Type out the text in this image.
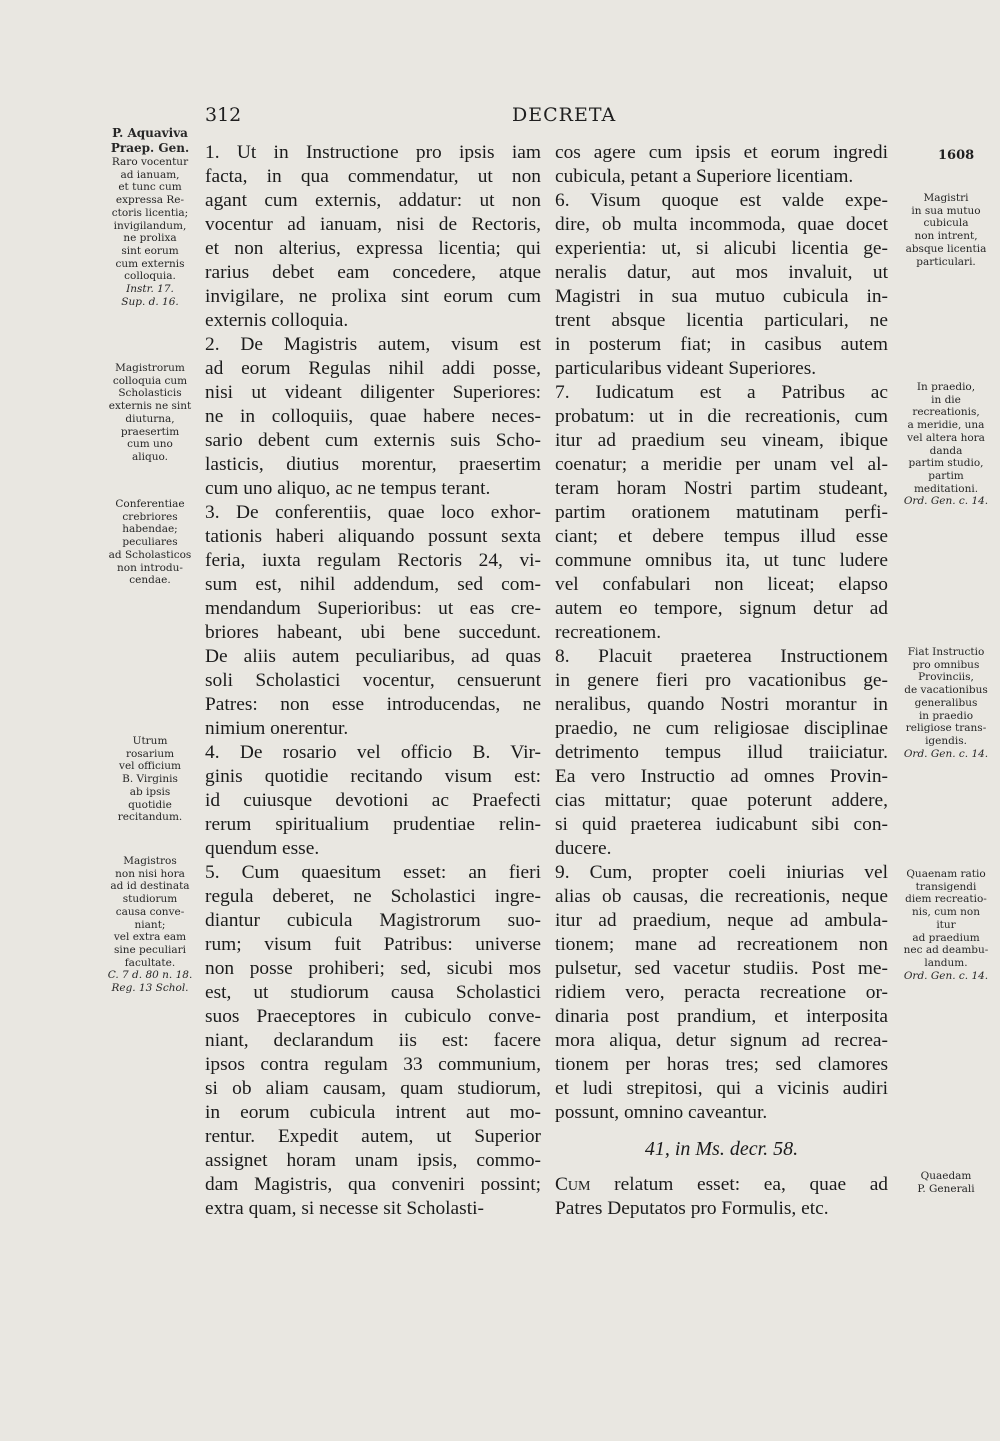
312	DECRETA
1608
P. Aquaviva
Praep. Gen.
Raro vocentur
ad ianuam,
et tunc cum
expressa Re-
ctoris licentia;
invigilandum,
ne prolixa
sint eorum
cum externis
colloquia.
Instr. 17.
Sup. d. 16.
Magistrorum
colloquia cum
Scholasticis
externis ne sint
diuturna,
praesertim
cum uno
aliquo.
Conferentiae
crebriores
habendae;
peculiares
ad Scholasticos
non introdu-
cendae.
Utrum
rosarium
vel officium
B. Virginis
ab ipsis
quotidie
recitandum.
Magistros
non nisi hora
ad id destinata
studiorum
causa conve-
niant;
vel extra eam
sine peculiari
facultate.
C. 7 d. 80 n. 18.
Reg. 13 Schol.
Magistri
in sua mutuo
cubicula
non intrent,
absque licentia
particulari.
In praedio,
in die
recreationis,
a meridie, una
vel altera hora
danda
partim studio,
partim
meditationi.
Ord. Gen. c. 14.
Fiat Instructio
pro omnibus
Provinciis,
de vacationibus
generalibus
in praedio
religiose trans-
igendis.
Ord. Gen. c. 14.
Quaenam ratio
transigendi
diem recreatio-
nis, cum non
itur
ad praedium
nec ad deambu-
landum.
Ord. Gen. c. 14.
Quaedam
P. Generali
1. Ut in Instructione pro ipsis iam
facta, in qua commendatur, ut non
agant cum externis, addatur: ut non
vocentur ad ianuam, nisi de Rectoris,
et non alterius, expressa licentia; qui
rarius debet eam concedere, atque
invigilare, ne prolixa sint eorum cum
externis colloquia.
2. De Magistris autem, visum est
ad eorum Regulas nihil addi posse,
nisi ut videant diligenter Superiores:
ne in colloquiis, quae habere neces-
sario debent cum externis suis Scho-
lasticis, diutius morentur, praesertim
cum uno aliquo, ac ne tempus terant.
3. De conferentiis, quae loco exhor-
tationis haberi aliquando possunt sexta
feria, iuxta regulam Rectoris 24, vi-
sum est, nihil addendum, sed com-
mendandum Superioribus: ut eas cre-
briores habeant, ubi bene succedunt.
De aliis autem peculiaribus, ad quas
soli Scholastici vocentur, censuerunt
Patres: non esse introducendas, ne
nimium onerentur.
4. De rosario vel officio B. Vir-
ginis quotidie recitando visum est:
id cuiusque devotioni ac Praefecti
rerum spiritualium prudentiae relin-
quendum esse.
5. Cum quaesitum esset: an fieri
regula deberet, ne Scholastici ingre-
diantur cubicula Magistrorum suo-
rum; visum fuit Patribus: universe
non posse prohiberi; sed, sicubi mos
est, ut studiorum causa Scholastici
suos Praeceptores in cubiculo conve-
niant, declarandum iis est: facere
ipsos contra regulam 33 communium,
si ob aliam causam, quam studiorum,
in eorum cubicula intrent aut mo-
rentur. Expedit autem, ut Superior
assignet horam unam ipsis, commo-
dam Magistris, qua conveniri possint;
extra quam, si necesse sit Scholasti-
cos agere cum ipsis et eorum ingredi
cubicula, petant a Superiore licentiam.
6. Visum quoque est valde expe-
dire, ob multa incommoda, quae docet
experientia: ut, si alicubi licentia ge-
neralis datur, aut mos invaluit, ut
Magistri in sua mutuo cubicula in-
trent absque licentia particulari, ne
in posterum fiat; in casibus autem
particularibus videant Superiores.
7. Iudicatum est a Patribus ac
probatum: ut in die recreationis, cum
itur ad praedium seu vineam, ibique
coenatur; a meridie per unam vel al-
teram horam Nostri partim studeant,
partim orationem matutinam perfi-
ciant; et debere tempus illud esse
commune omnibus ita, ut tunc ludere
vel confabulari non liceat; elapso
autem eo tempore, signum detur ad
recreationem.
8. Placuit praeterea Instructionem
in genere fieri pro vacationibus ge-
neralibus, quando Nostri morantur in
praedio, ne cum religiosae disciplinae
detrimento tempus illud traiiciatur.
Ea vero Instructio ad omnes Provin-
cias mittatur; quae poterunt addere,
si quid praeterea iudicabunt sibi con-
ducere.
9. Cum, propter coeli iniurias vel
alias ob causas, die recreationis, neque
itur ad praedium, neque ad ambula-
tionem; mane ad recreationem non
pulsetur, sed vacetur studiis. Post me-
ridiem vero, peracta recreatione or-
dinaria post prandium, et interposita
mora aliqua, detur signum ad recrea-
tionem per horas tres; sed clamores
et ludi strepitosi, qui a vicinis audiri
possunt, omnino caveantur.
41, in Ms. decr. 58.
Cum relatum esset: ea, quae ad
Patres Deputatos pro Formulis, etc.
